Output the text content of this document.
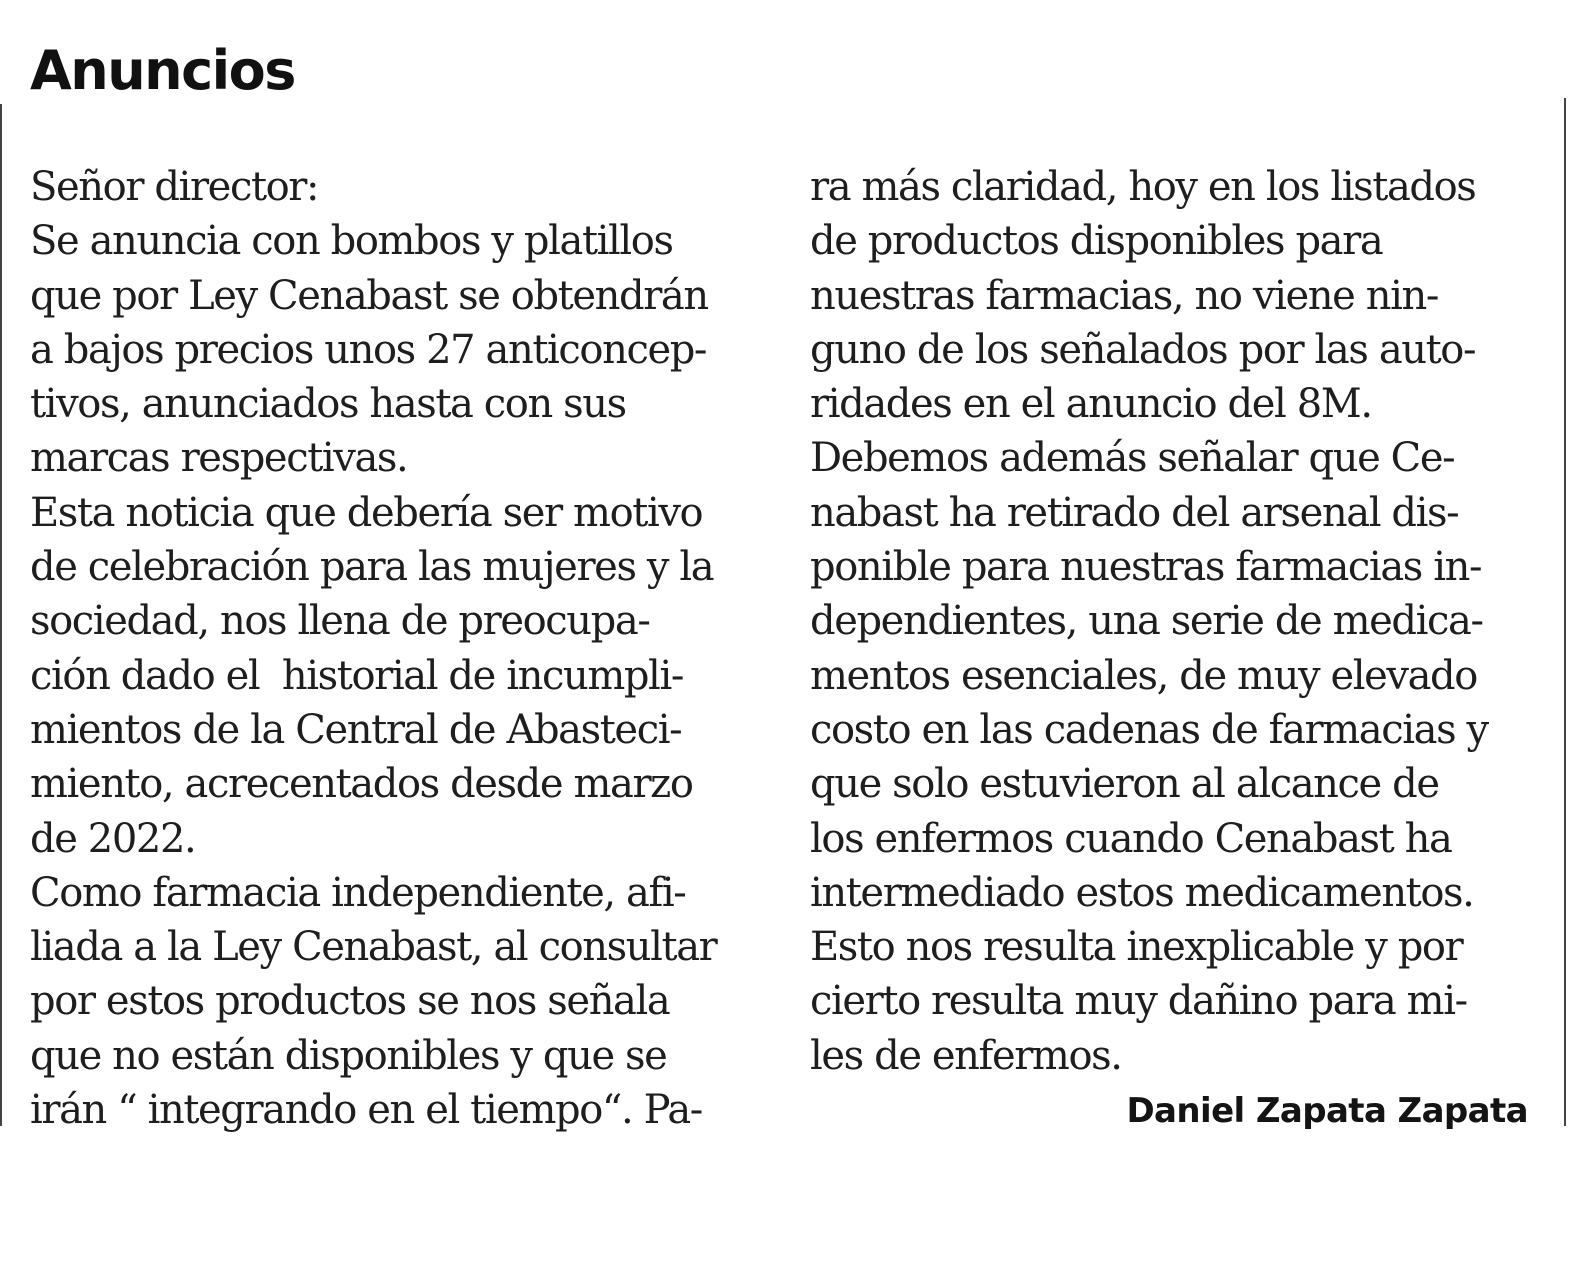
Anuncios
Señor director:
Se anuncia con bombos y platillos
que por Ley Cenabast se obtendrán
a bajos precios unos 27 anticoncep-
tivos, anunciados hasta con sus
marcas respectivas.
Esta noticia que debería ser motivo
de celebración para las mujeres y la
sociedad, nos llena de preocupa-
ción dado el  historial de incumpli-
mientos de la Central de Abasteci-
miento, acrecentados desde marzo
de 2022.
Como farmacia independiente, afi-
liada a la Ley Cenabast, al consultar
por estos productos se nos señala
que no están disponibles y que se
irán “ integrando en el tiempo“. Pa-
ra más claridad, hoy en los listados
de productos disponibles para
nuestras farmacias, no viene nin-
guno de los señalados por las auto-
ridades en el anuncio del 8M.
Debemos además señalar que Ce-
nabast ha retirado del arsenal dis-
ponible para nuestras farmacias in-
dependientes, una serie de medica-
mentos esenciales, de muy elevado
costo en las cadenas de farmacias y
que solo estuvieron al alcance de
los enfermos cuando Cenabast ha
intermediado estos medicamentos.
Esto nos resulta inexplicable y por
cierto resulta muy dañino para mi-
les de enfermos.
Daniel Zapata Zapata
